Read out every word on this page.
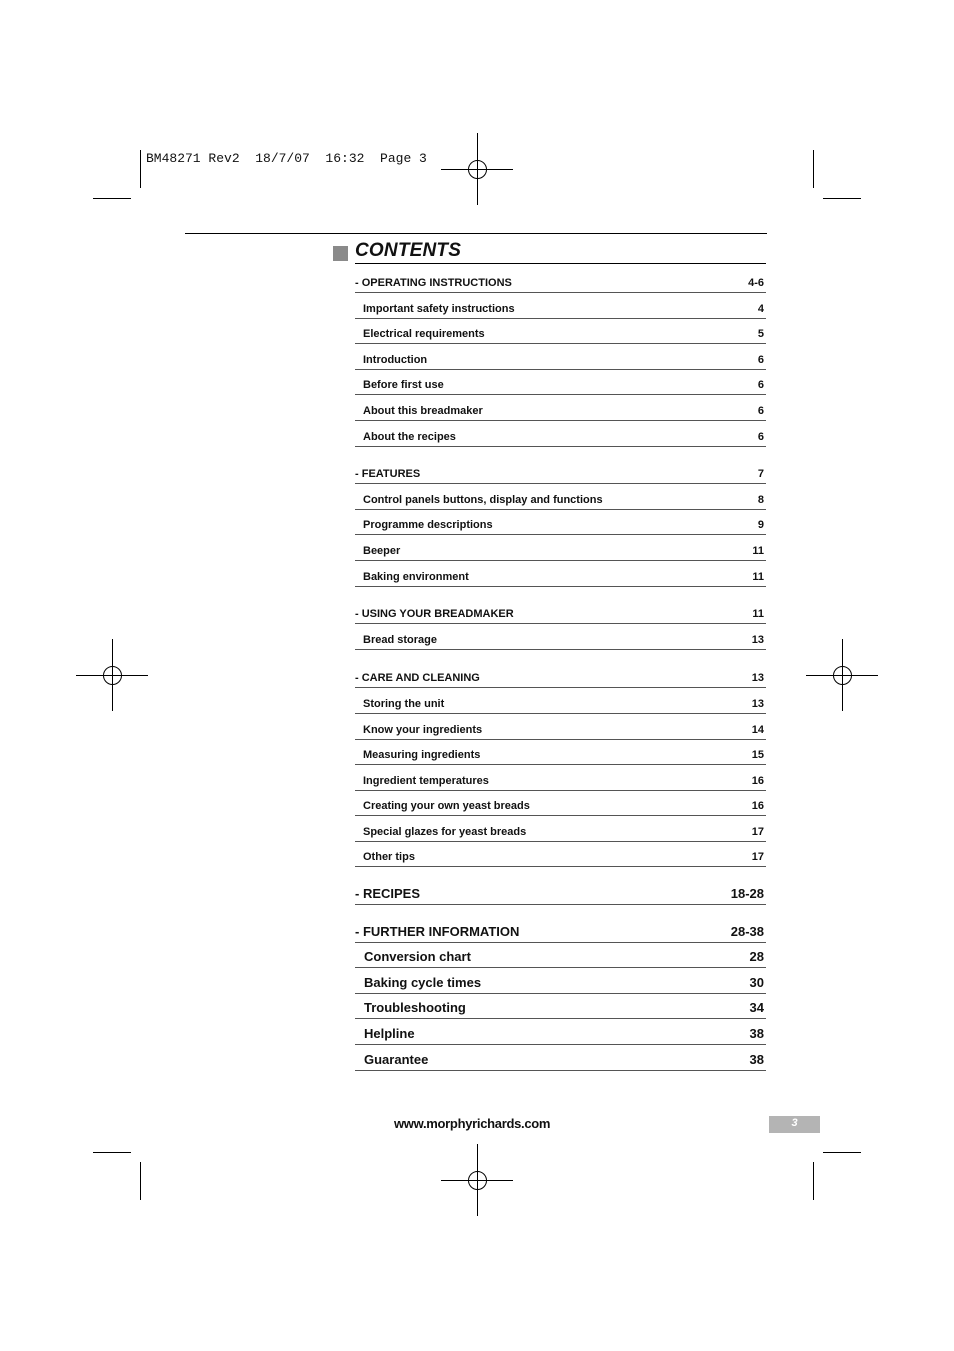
BM48271 Rev2  18/7/07  16:32  Page 3
CONTENTS
- OPERATING INSTRUCTIONS	4-6
Important safety instructions	4
Electrical requirements	5
Introduction	6
Before first use	6
About this breadmaker	6
About the recipes	6
- FEATURES	7
Control panels buttons, display and functions	8
Programme descriptions	9
Beeper	11
Baking environment	11
- USING YOUR BREADMAKER	11
Bread storage	13
- CARE AND CLEANING	13
Storing the unit	13
Know your ingredients	14
Measuring ingredients	15
Ingredient temperatures	16
Creating your own yeast breads	16
Special glazes for yeast breads	17
Other tips	17
- RECIPES	18-28
- FURTHER INFORMATION	28-38
Conversion chart	28
Baking cycle times	30
Troubleshooting	34
Helpline	38
Guarantee	38
www.morphyrichards.com	3
